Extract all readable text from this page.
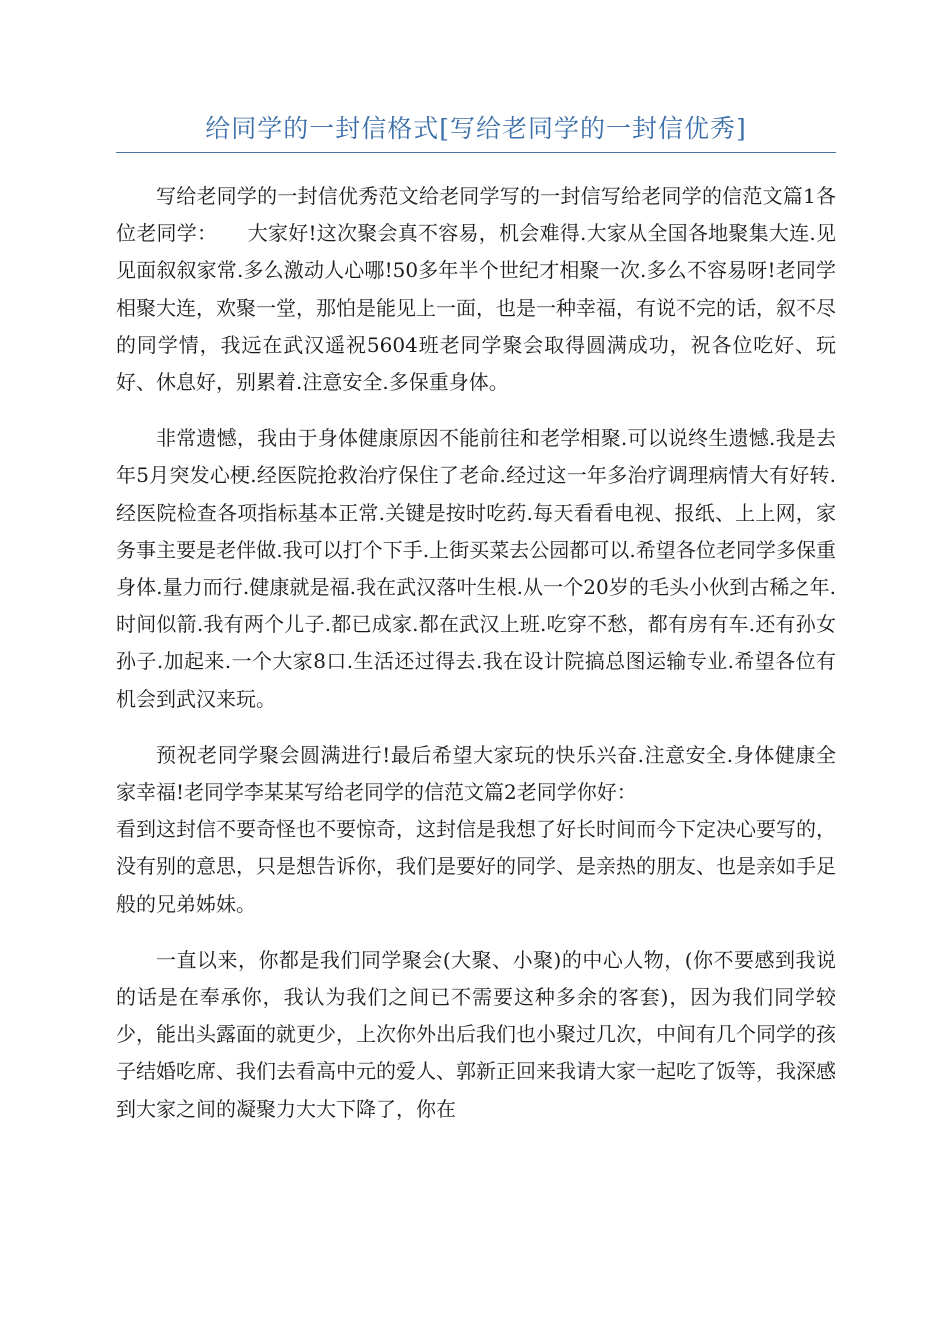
给同学的一封信格式[写给老同学的一封信优秀]

写给老同学的一封信优秀范文给老同学写的一封信写给老同学的信范文篇1各位老同学：　　大家好!这次聚会真不容易，机会难得.大家从全国各地聚集大连.见见面叙叙家常.多么激动人心哪!50多年半个世纪才相聚一次.多么不容易呀!老同学相聚大连，欢聚一堂，那怕是能见上一面，也是一种幸福，有说不完的话，叙不尽的同学情，我远在武汉遥祝5604班老同学聚会取得圆满成功，祝各位吃好、玩好、休息好，别累着.注意安全.多保重身体。

非常遗憾，我由于身体健康原因不能前往和老学相聚.可以说终生遗憾.我是去年5月突发心梗.经医院抢救治疗保住了老命.经过这一年多治疗调理病情大有好转.经医院检查各项指标基本正常.关键是按时吃药.每天看看电视、报纸、上上网，家务事主要是老伴做.我可以打个下手.上街买菜去公园都可以.希望各位老同学多保重身体.量力而行.健康就是福.我在武汉落叶生根.从一个20岁的毛头小伙到古稀之年.时间似箭.我有两个儿子.都已成家.都在武汉上班.吃穿不愁，都有房有车.还有孙女孙子.加起来.一个大家8口.生活还过得去.我在设计院搞总图运输专业.希望各位有机会到武汉来玩。

预祝老同学聚会圆满进行!最后希望大家玩的快乐兴奋.注意安全.身体健康全家幸福!老同学李某某写给老同学的信范文篇2老同学你好：

看到这封信不要奇怪也不要惊奇，这封信是我想了好长时间而今下定决心要写的，没有别的意思，只是想告诉你，我们是要好的同学、是亲热的朋友、也是亲如手足般的兄弟姊妹。

一直以来，你都是我们同学聚会(大聚、小聚)的中心人物，(你不要感到我说的话是在奉承你，我认为我们之间已不需要这种多余的客套)，因为我们同学较少，能出头露面的就更少，上次你外出后我们也小聚过几次，中间有几个同学的孩子结婚吃席、我们去看高中元的爱人、郭新正回来我请大家一起吃了饭等，我深感到大家之间的凝聚力大大下降了，你在
